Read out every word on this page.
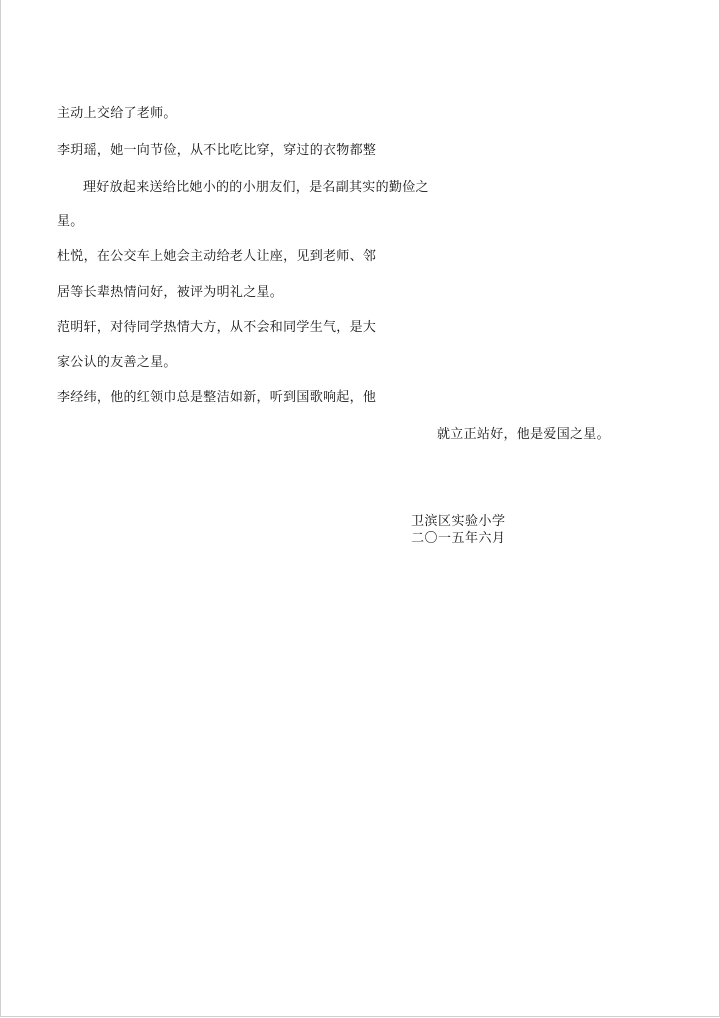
主动上交给了老师。
李玥瑶，她一向节俭，从不比吃比穿，穿过的衣物都整
理好放起来送给比她小的的小朋友们，是名副其实的勤俭之
星。
杜悦，在公交车上她会主动给老人让座，见到老师、邻
居等长辈热情问好，被评为明礼之星。
范明轩，对待同学热情大方，从不会和同学生气，是大
家公认的友善之星。
李经纬，他的红领巾总是整洁如新，听到国歌响起，他
就立正站好，他是爱国之星。
卫滨区实验小学
二〇一五年六月
